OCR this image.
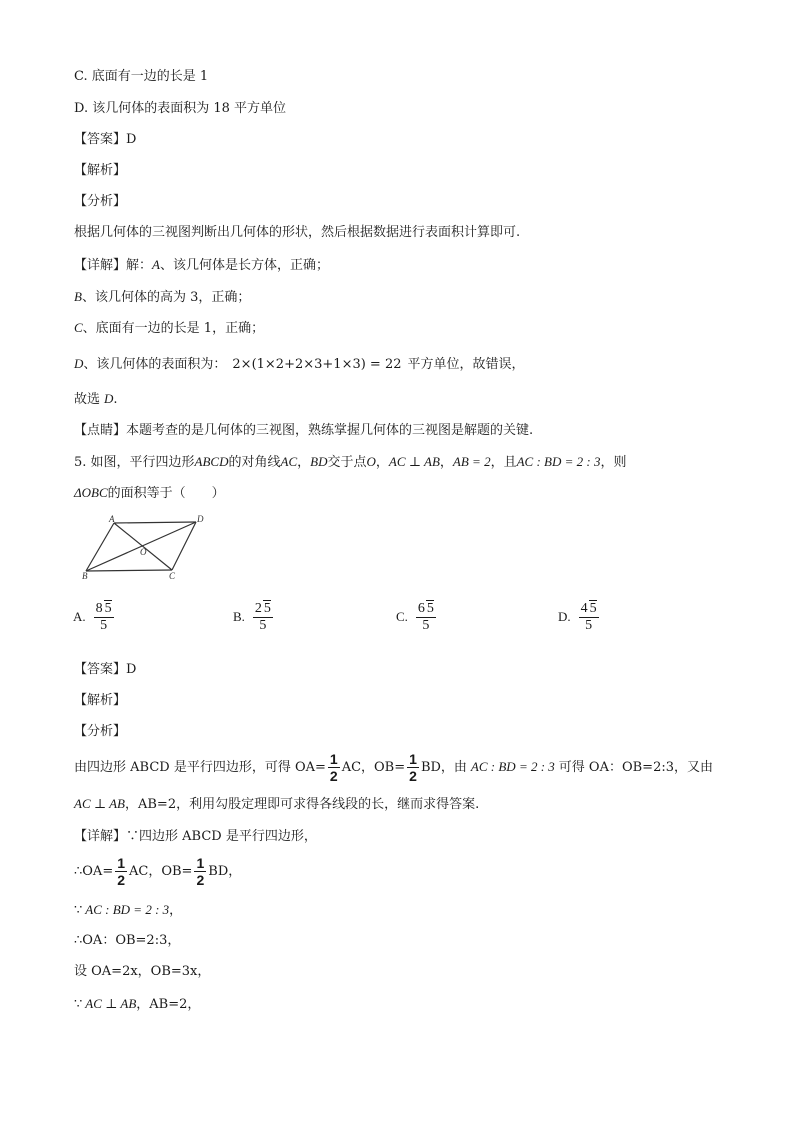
C. 底面有一边的长是 1
D. 该几何体的表面积为 18 平方单位
【答案】D
【解析】
【分析】
根据几何体的三视图判断出几何体的形状，然后根据数据进行表面积计算即可.
【详解】解：A、该几何体是长方体，正确；
B、该几何体的高为 3，正确；
C、底面有一边的长是 1，正确；
D、该几何体的表面积为： 2×(1×2+2×3+1×3) = 22 平方单位，故错误，
故选 D.
【点睛】本题考查的是几何体的三视图，熟练掌握几何体的三视图是解题的关键.
5. 如图，平行四边形ABCD的对角线AC，BD交于点O，AC ⊥ AB，AB = 2，且AC : BD = 2 : 3，则
ΔOBC的面积等于（　　）
A	D
O
B	C
A. $\frac{8 5}{5}$	B. $\frac{2 5}{5}$	C. $\frac{6 5}{5}$	D. $\frac{4 5}{5}$
【答案】D
【解析】
【分析】
由四边形 ABCD 是平行四边形，可得 $OA= \frac{1}{2}$ AC，$OB= \frac{1}{2}$ BD，由 AC : BD = 2 : 3 可得 OA：OB=2:3，又由
AC ⊥ AB，AB=2，利用勾股定理即可求得各线段的长，继而求得答案.
【详解】∵四边形 ABCD 是平行四边形，
∴OA= $\frac{1}{2}$ AC，$OB= \frac{1}{2}$ BD，
∵ AC : BD = 2 : 3，
∴OA：OB=2:3，
设 OA=2x，OB=3x，
∵ AC ⊥ AB，AB=2，
